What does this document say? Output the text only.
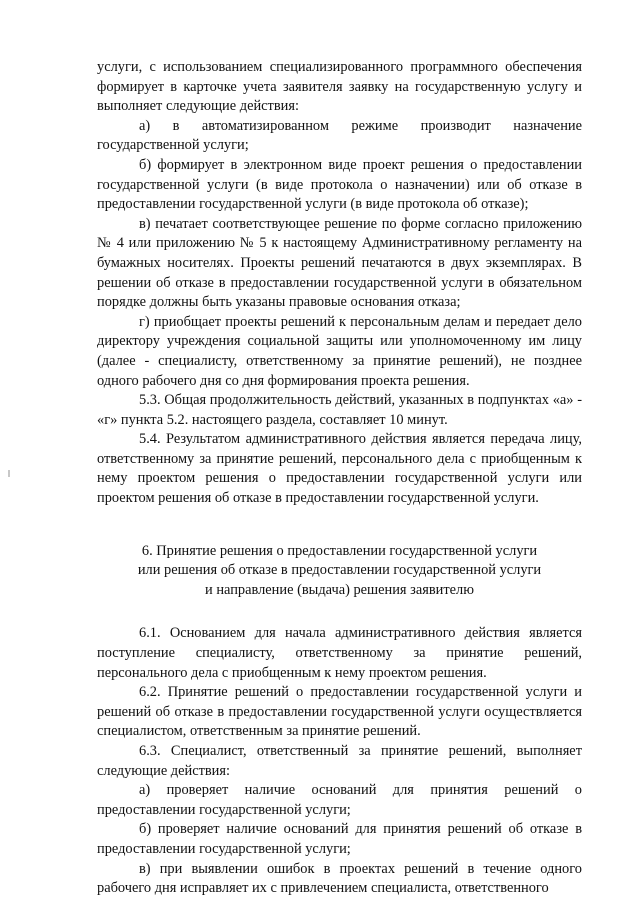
услуги, с использованием специализированного программного обеспечения формирует в карточке учета заявителя заявку на государственную услугу и выполняет следующие действия:

а) в автоматизированном режиме производит назначение государственной услуги;

б) формирует в электронном виде проект решения о предоставлении государственной услуги (в виде протокола о назначении) или об отказе в предоставлении государственной услуги (в виде протокола об отказе);

в) печатает соответствующее решение по форме согласно приложению № 4 или приложению № 5 к настоящему Административному регламенту на бумажных носителях. Проекты решений печатаются в двух экземплярах. В решении об отказе в предоставлении государственной услуги в обязательном порядке должны быть указаны правовые основания отказа;

г) приобщает проекты решений к персональным делам и передает дело директору учреждения социальной защиты или уполномоченному им лицу (далее - специалисту, ответственному за принятие решений), не позднее одного рабочего дня со дня формирования проекта решения.

5.3. Общая продолжительность действий, указанных в подпунктах «а» - «г» пункта 5.2. настоящего раздела, составляет 10 минут.

5.4. Результатом административного действия является передача лицу, ответственному за принятие решений, персонального дела с приобщенным к нему проектом решения о предоставлении государственной услуги или проектом решения об отказе в предоставлении государственной услуги.

6. Принятие решения о предоставлении государственной услуги
или решения об отказе в предоставлении государственной услуги
и направление (выдача) решения заявителю

6.1. Основанием для начала административного действия является поступление специалисту, ответственному за принятие решений, персонального дела с приобщенным к нему проектом решения.

6.2. Принятие решений о предоставлении государственной услуги и решений об отказе в предоставлении государственной услуги осуществляется специалистом, ответственным за принятие решений.

6.3. Специалист, ответственный за принятие решений, выполняет следующие действия:

а) проверяет наличие оснований для принятия решений о предоставлении государственной услуги;

б) проверяет наличие оснований для принятия решений об отказе в предоставлении государственной услуги;

в) при выявлении ошибок в проектах решений в течение одного рабочего дня исправляет их с привлечением специалиста, ответственного
